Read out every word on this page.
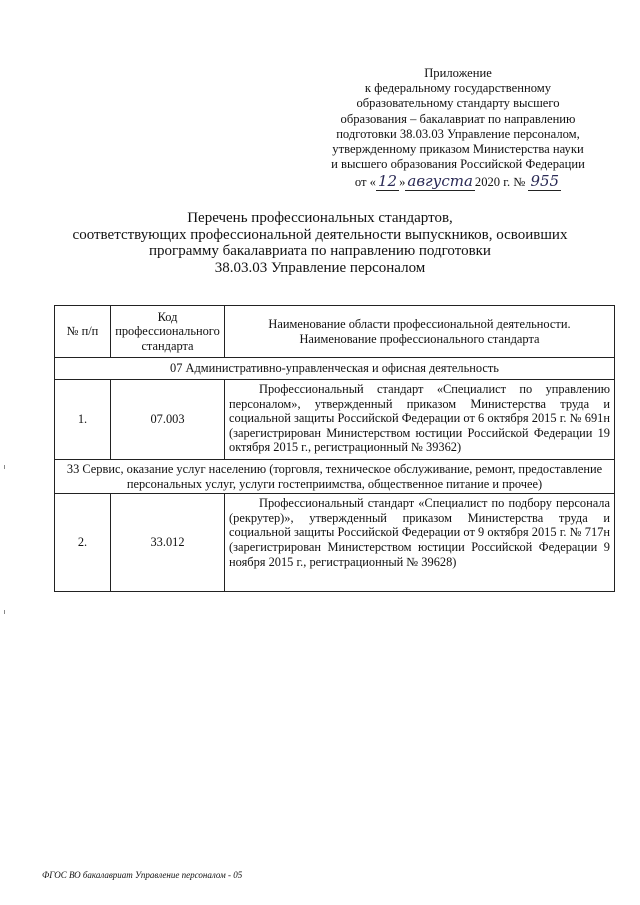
Приложение
к федеральному государственному
образовательному стандарту высшего
образования – бакалавриат по направлению
подготовки 38.03.03 Управление персоналом,
утвержденному приказом Министерства науки
и высшего образования Российской Федерации
от « 12 » августа 2020 г. № 955
Перечень профессиональных стандартов,
соответствующих профессиональной деятельности выпускников, освоивших
программу бакалавриата по направлению подготовки
38.03.03 Управление персоналом
№ п/п	Код профессионального стандарта	Наименование области профессиональной деятельности.
Наименование профессионального стандарта
07 Административно-управленческая и офисная деятельность		
1.	07.003	Профессиональный стандарт «Специалист по управлению персоналом», утвержденный приказом Министерства труда и социальной защиты Российской Федерации от 6 октября 2015 г. № 691н (зарегистрирован Министерством юстиции Российской Федерации 19 октября 2015 г., регистрационный № 39362)
33 Сервис, оказание услуг населению (торговля, техническое обслуживание, ремонт, предоставление персональных услуг, услуги гостеприимства, общественное питание и прочее)		
2.	33.012	Профессиональный стандарт «Специалист по подбору персонала (рекрутер)», утвержденный приказом Министерства труда и социальной защиты Российской Федерации от 9 октября 2015 г. № 717н (зарегистрирован Министерством юстиции Российской Федерации 9 ноября 2015 г., регистрационный № 39628)
ФГОС ВО бакалавриат Управление персоналом - 05
